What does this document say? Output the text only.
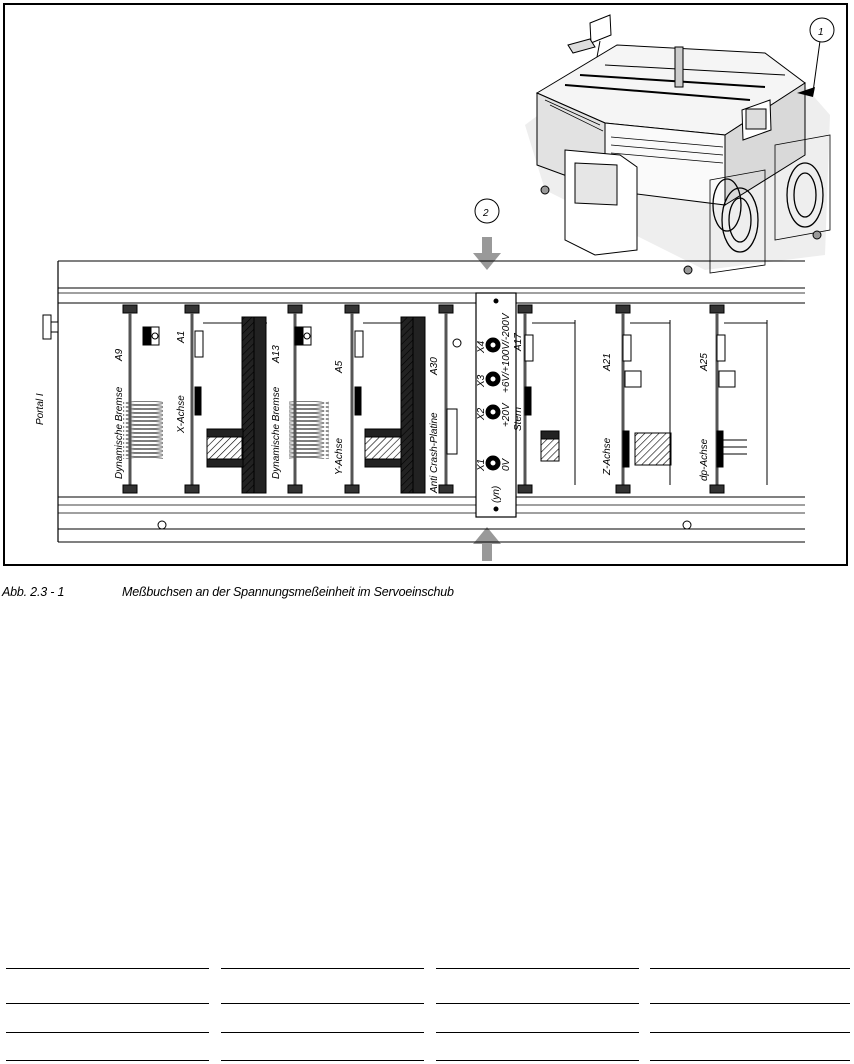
1
2
Portal I
A9
Dynamische Bremse
A1
X-Achse
A13
Dynamische Bremse
A5
Y-Achse
A30
Anti Crash-Platine
A17
Stern
A21
Z-Achse
A25
dp-Achse
X4 +6V/+100V/-200V
X3
X2 +20V
X1 0V
(yn)
Abb. 2.3 - 1	Meßbuchsen an der Spannungsmeßeinheit im Servoeinschub
